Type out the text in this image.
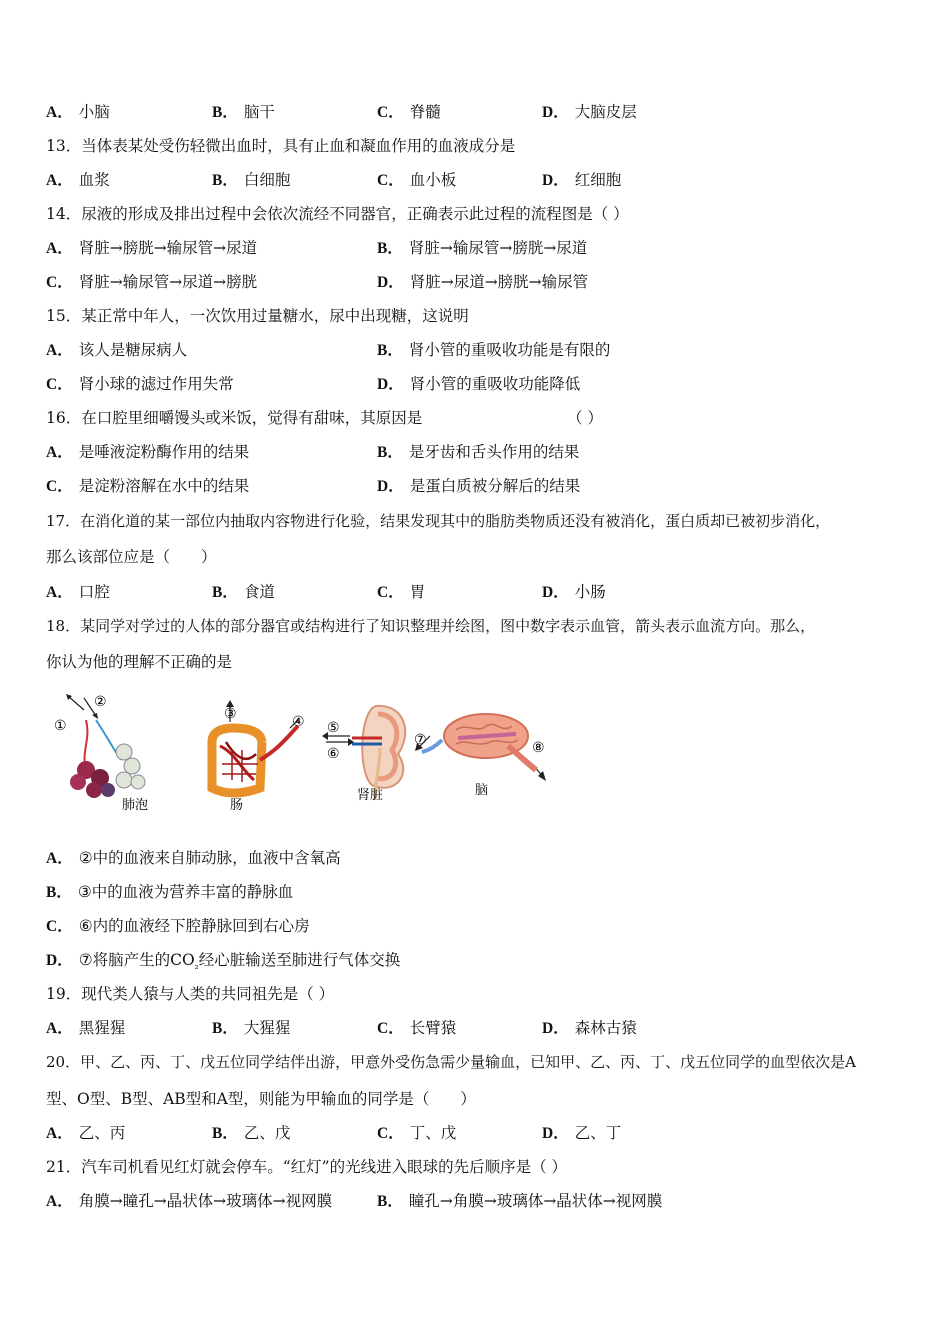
A． 小脑	B． 脑干	C． 脊髓	D． 大脑皮层
13．当体表某处受伤轻微出血时，具有止血和凝血作用的血液成分是
A． 血浆	B． 白细胞	C． 血小板	D． 红细胞
14．尿液的形成及排出过程中会依次流经不同器官，正确表示此过程的流程图是（ ）
A． 肾脏→膀胱→输尿管→尿道	B． 肾脏→输尿管→膀胱→尿道
C． 肾脏→输尿管→尿道→膀胱	D． 肾脏→尿道→膀胱→输尿管
15．某正常中年人，一次饮用过量糖水，尿中出现糖，这说明
A． 该人是糖尿病人	B． 肾小管的重吸收功能是有限的
C． 肾小球的滤过作用失常	D． 肾小管的重吸收功能降低
16．在口腔里细嚼馒头或米饭，觉得有甜味，其原因是	（ ）
A． 是唾液淀粉酶作用的结果	B． 是牙齿和舌头作用的结果
C． 是淀粉溶解在水中的结果	D． 是蛋白质被分解后的结果
17．在消化道的某一部位内抽取内容物进行化验，结果发现其中的脂肪类物质还没有被消化，蛋白质却已被初步消化，
那么该部位应是（　　）
A． 口腔	B． 食道	C． 胃	D． 小肠
18．某同学对学过的人体的部分器官或结构进行了知识整理并绘图，图中数字表示血管，箭头表示血流方向。那么，
你认为他的理解不正确的是
①
②
肺泡
③	④
肠
⑤
⑥
肾脏
⑦	⑧
脑
A． ②中的血液来自肺动脉，血液中含氧高
B． ③中的血液为营养丰富的静脉血
C． ⑥内的血液经下腔静脉回到右心房
D． ⑦将脑产生的$CO_{_2}$经心脏输送至肺进行气体交换
19．现代类人猿与人类的共同祖先是（ ）
A． 黑猩猩	B． 大猩猩	C． 长臂猿	D． 森林古猿
20．甲、乙、丙、丁、戊五位同学结伴出游，甲意外受伤急需少量输血，已知甲、乙、丙、丁、戊五位同学的血型依次是A
型、O型、B型、AB型和A型，则能为甲输血的同学是（　　）
A． 乙、丙	B． 乙、戊	C． 丁、戊	D． 乙、丁
21．汽车司机看见红灯就会停车。“红灯”的光线进入眼球的先后顺序是（ ）
A． 角膜→瞳孔→晶状体→玻璃体→视网膜	B． 瞳孔→角膜→玻璃体→晶状体→视网膜
